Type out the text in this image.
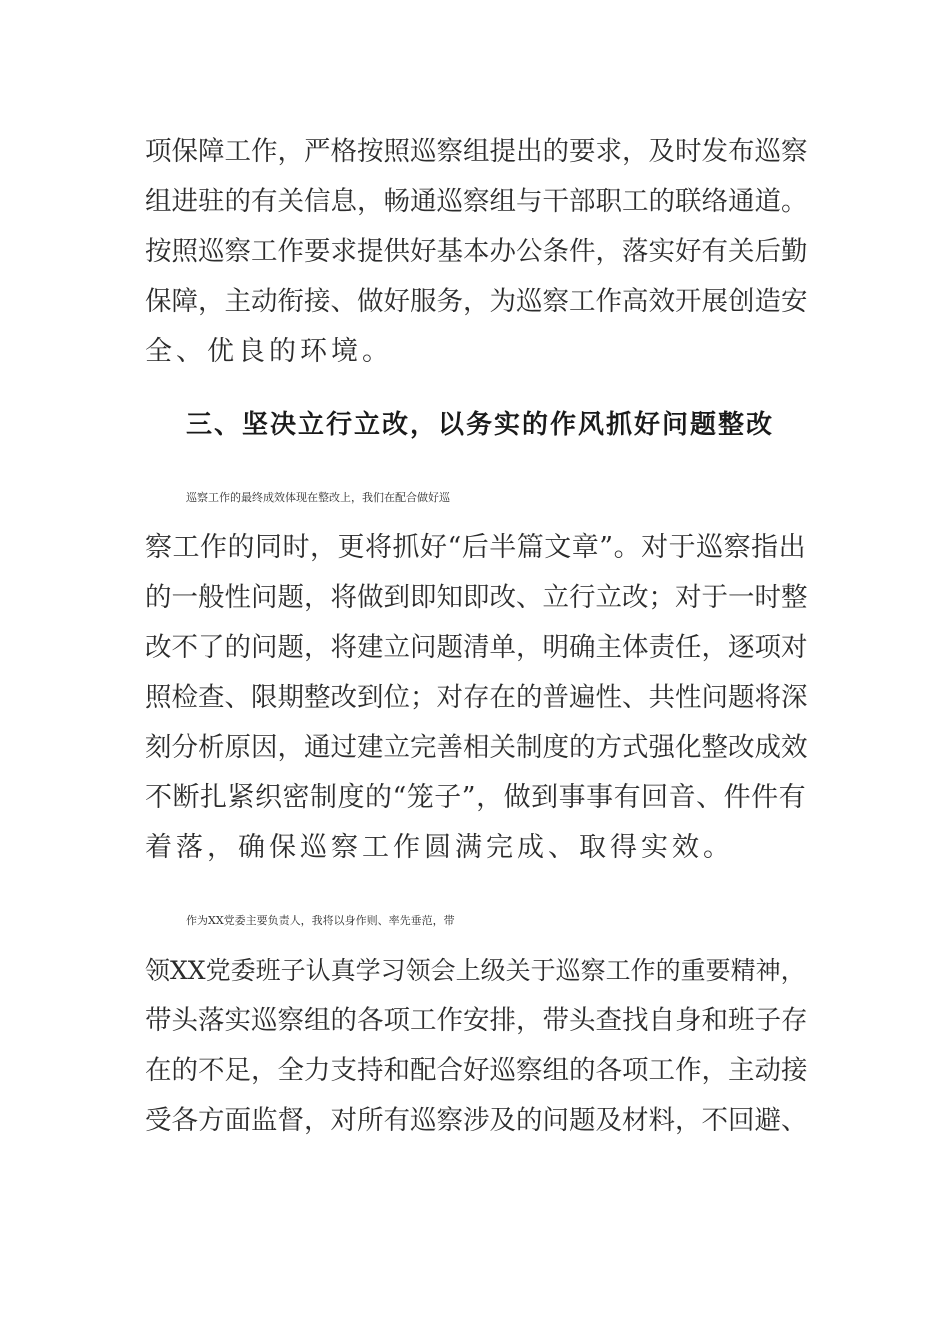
项保障工作，严格按照巡察组提出的要求，及时发布巡察
组进驻的有关信息，畅通巡察组与干部职工的联络通道。
按照巡察工作要求提供好基本办公条件，落实好有关后勤
保障，主动衔接、做好服务，为巡察工作高效开展创造安
全、优良的环境。
三、坚决立行立改，以务实的作风抓好问题整改
巡察工作的最终成效体现在整改上，我们在配合做好巡
察工作的同时，更将抓好“后半篇文章”。对于巡察指出
的一般性问题，将做到即知即改、立行立改；对于一时整
改不了的问题，将建立问题清单，明确主体责任，逐项对
照检查、限期整改到位；对存在的普遍性、共性问题将深
刻分析原因，通过建立完善相关制度的方式强化整改成效
不断扎紧织密制度的“笼子”，做到事事有回音、件件有
着落，确保巡察工作圆满完成、取得实效。
作为XX党委主要负责人，我将以身作则、率先垂范，带
领XX党委班子认真学习领会上级关于巡察工作的重要精神，
带头落实巡察组的各项工作安排，带头查找自身和班子存
在的不足，全力支持和配合好巡察组的各项工作，主动接
受各方面监督，对所有巡察涉及的问题及材料，不回避、
